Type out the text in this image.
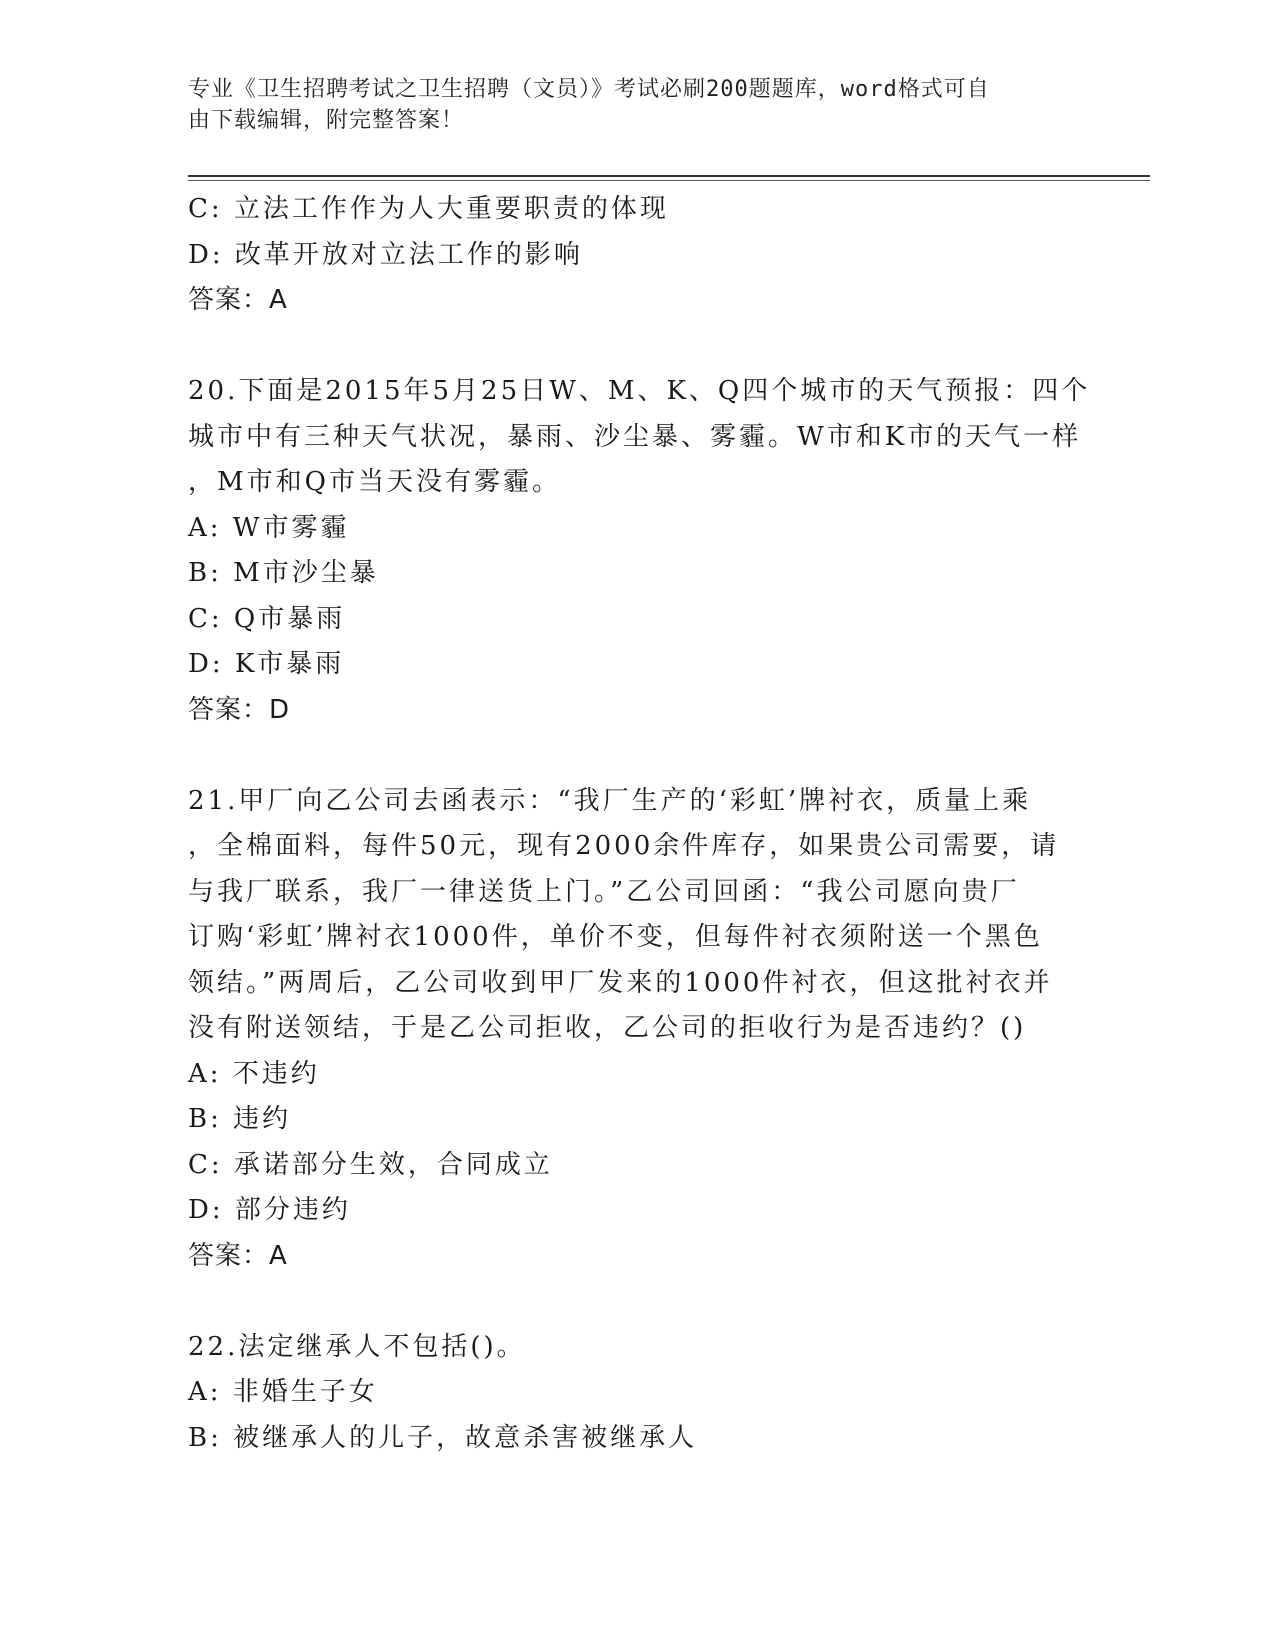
专业《卫生招聘考试之卫生招聘（文员）》考试必刷200题题库，word格式可自
由下载编辑，附完整答案！
C: 立法工作作为人大重要职责的体现
D: 改革开放对立法工作的影响
答案：A
20.下面是2015年5月25日W、M、K、Q四个城市的天气预报：四个
城市中有三种天气状况，暴雨、沙尘暴、雾霾。W市和K市的天气一样
，M市和Q市当天没有雾霾。
A: W市雾霾
B: M市沙尘暴
C: Q市暴雨
D: K市暴雨
答案：D
21.甲厂向乙公司去函表示：“我厂生产的‘彩虹’牌衬衣，质量上乘
，全棉面料，每件50元，现有2000余件库存，如果贵公司需要，请
与我厂联系，我厂一律送货上门。”乙公司回函：“我公司愿向贵厂
订购‘彩虹’牌衬衣1000件，单价不变，但每件衬衣须附送一个黑色
领结。”两周后，乙公司收到甲厂发来的1000件衬衣，但这批衬衣并
没有附送领结，于是乙公司拒收，乙公司的拒收行为是否违约？()
A: 不违约
B: 违约
C: 承诺部分生效，合同成立
D: 部分违约
答案：A
22.法定继承人不包括()。
A: 非婚生子女
B: 被继承人的儿子，故意杀害被继承人
